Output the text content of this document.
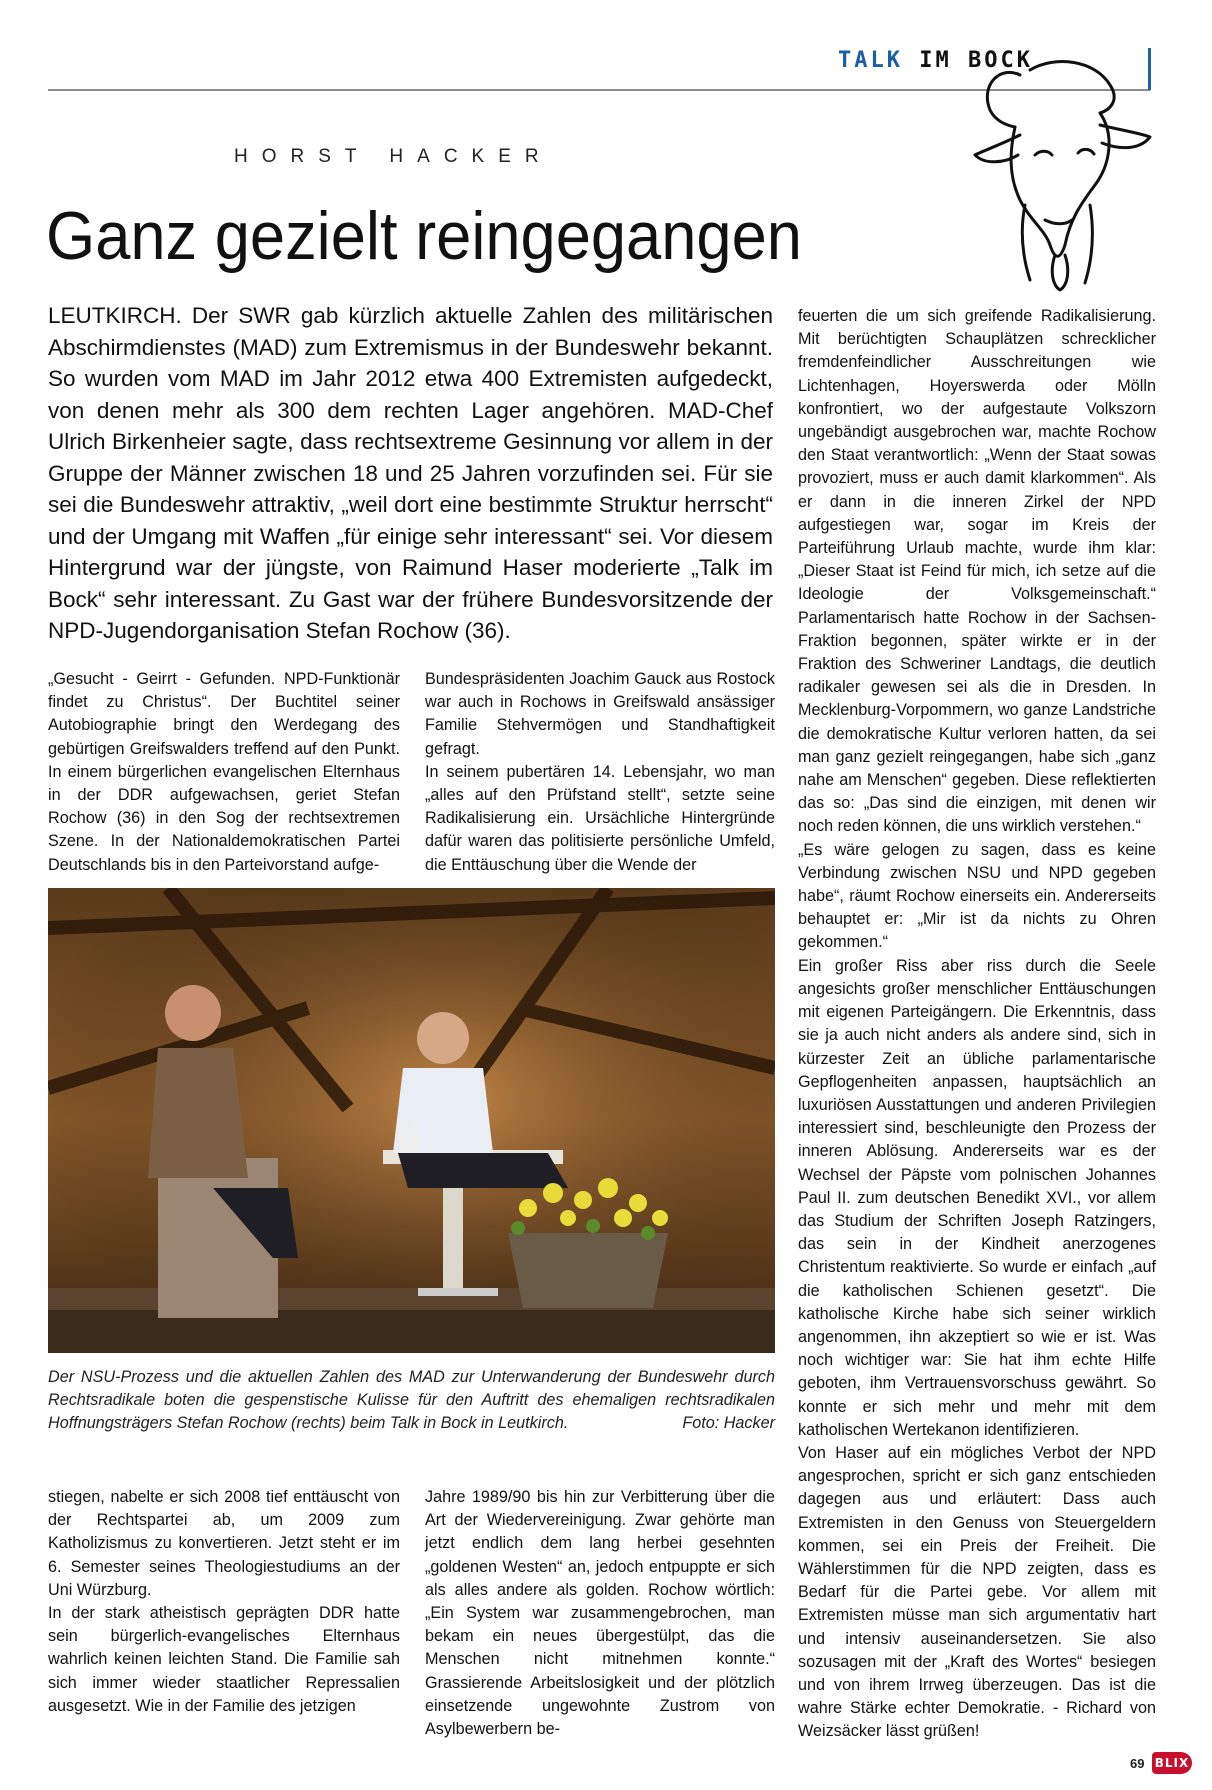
TALK IM BOCK
HORST HACKER
Ganz gezielt reingegangen
LEUTKIRCH. Der SWR gab kürzlich aktuelle Zahlen des militärischen Abschirmdienstes (MAD) zum Extremismus in der Bundeswehr bekannt. So wurden vom MAD im Jahr 2012 etwa 400 Extremisten aufgedeckt, von denen mehr als 300 dem rechten Lager angehören. MAD-Chef Ulrich Birkenheier sagte, dass rechtsextreme Gesinnung vor allem in der Gruppe der Männer zwischen 18 und 25 Jahren vorzufinden sei. Für sie sei die Bundeswehr attraktiv, „weil dort eine bestimmte Struktur herrscht“ und der Umgang mit Waffen „für einige sehr interessant“ sei. Vor diesem Hintergrund war der jüngste, von Raimund Haser moderierte „Talk im Bock“ sehr interessant. Zu Gast war der frühere Bundesvorsitzende der NPD-Jugendorganisation Stefan Rochow (36).

„Gesucht - Geirrt - Gefunden. NPD-Funktionär findet zu Christus“. Der Buchtitel seiner Autobiographie bringt den Werdegang des gebürtigen Greifswalders treffend auf den Punkt. In einem bürgerlichen evangelischen Elternhaus in der DDR aufgewachsen, geriet Stefan Rochow (36) in den Sog der rechtsextremen Szene. In der Nationaldemokratischen Partei Deutschlands bis in den Parteivorstand aufge-

Bundespräsidenten Joachim Gauck aus Rostock war auch in Rochows in Greifswald ansässiger Familie Stehvermögen und Standhaftigkeit gefragt.

In seinem pubertären 14. Lebensjahr, wo man „alles auf den Prüfstand stellt“, setzte seine Radikalisierung ein. Ursächliche Hintergründe dafür waren das politisierte persönliche Umfeld, die Enttäuschung über die Wende der

feuerten die um sich greifende Radikalisierung. Mit berüchtigten Schauplätzen schrecklicher fremdenfeindlicher Ausschreitungen wie Lichtenhagen, Hoyerswerda oder Mölln konfrontiert, wo der aufgestaute Volkszorn ungebändigt ausgebrochen war, machte Rochow den Staat verantwortlich: „Wenn der Staat sowas provoziert, muss er auch damit klarkommen“. Als er dann in die inneren Zirkel der NPD aufgestiegen war, sogar im Kreis der Parteiführung Urlaub machte, wurde ihm klar: „Dieser Staat ist Feind für mich, ich setze auf die Ideologie der Volksgemeinschaft.“ Parlamentarisch hatte Rochow in der Sachsen-Fraktion begonnen, später wirkte er in der Fraktion des Schweriner Landtags, die deutlich radikaler gewesen sei als die in Dresden. In Mecklenburg-Vorpommern, wo ganze Landstriche die demokratische Kultur verloren hatten, da sei man ganz gezielt reingegangen, habe sich „ganz nahe am Menschen“ gegeben. Diese reflektierten das so: „Das sind die einzigen, mit denen wir noch reden können, die uns wirklich verstehen.“

„Es wäre gelogen zu sagen, dass es keine Verbindung zwischen NSU und NPD gegeben habe“, räumt Rochow einerseits ein. Andererseits behauptet er: „Mir ist da nichts zu Ohren gekommen.“

Ein großer Riss aber riss durch die Seele angesichts großer menschlicher Enttäuschungen mit eigenen Parteigängern. Die Erkenntnis, dass sie ja auch nicht anders als andere sind, sich in kürzester Zeit an übliche parlamentarische Gepflogenheiten anpassen, hauptsächlich an luxuriösen Ausstattungen und anderen Privilegien interessiert sind, beschleunigte den Prozess der inneren Ablösung. Andererseits war es der Wechsel der Päpste vom polnischen Johannes Paul II. zum deutschen Benedikt XVI., vor allem das Studium der Schriften Joseph Ratzingers, das sein in der Kindheit anerzogenes Christentum reaktivierte. So wurde er einfach „auf die katholischen Schienen gesetzt“. Die katholische Kirche habe sich seiner wirklich angenommen, ihn akzeptiert so wie er ist. Was noch wichtiger war: Sie hat ihm echte Hilfe geboten, ihm Vertrauensvorschuss gewährt. So konnte er sich mehr und mehr mit dem katholischen Wertekanon identifizieren.

Von Haser auf ein mögliches Verbot der NPD angesprochen, spricht er sich ganz entschieden dagegen aus und erläutert: Dass auch Extremisten in den Genuss von Steuergeldern kommen, sei ein Preis der Freiheit. Die Wählerstimmen für die NPD zeigten, dass es Bedarf für die Partei gebe. Vor allem mit Extremisten müsse man sich argumentativ hart und intensiv auseinandersetzen. Sie also sozusagen mit der „Kraft des Wortes“ besiegen und von ihrem Irrweg überzeugen. Das ist die wahre Stärke echter Demokratie. - Richard von Weizsäcker lässt grüßen!

Der NSU-Prozess und die aktuellen Zahlen des MAD zur Unterwanderung der Bundeswehr durch Rechtsradikale boten die gespenstische Kulisse für den Auftritt des ehemaligen rechtsradikalen Hoffnungsträgers Stefan Rochow (rechts) beim Talk in Bock in Leutkirch.	Foto: Hacker

stiegen, nabelte er sich 2008 tief enttäuscht von der Rechtspartei ab, um 2009 zum Katholizismus zu konvertieren. Jetzt steht er im 6. Semester seines Theologiestudiums an der Uni Würzburg.

In der stark atheistisch geprägten DDR hatte sein bürgerlich-evangelisches Elternhaus wahrlich keinen leichten Stand. Die Familie sah sich immer wieder staatlicher Repressalien ausgesetzt. Wie in der Familie des jetzigen

Jahre 1989/90 bis hin zur Verbitterung über die Art der Wiedervereinigung. Zwar gehörte man jetzt endlich dem lang herbei gesehnten „goldenen Westen“ an, jedoch entpuppte er sich als alles andere als golden. Rochow wörtlich: „Ein System war zusammengebrochen, man bekam ein neues übergestülpt, das die Menschen nicht mitnehmen konnte.“ Grassierende Arbeitslosigkeit und der plötzlich einsetzende ungewohnte Zustrom von Asylbewerbern be-

69 BLIX
